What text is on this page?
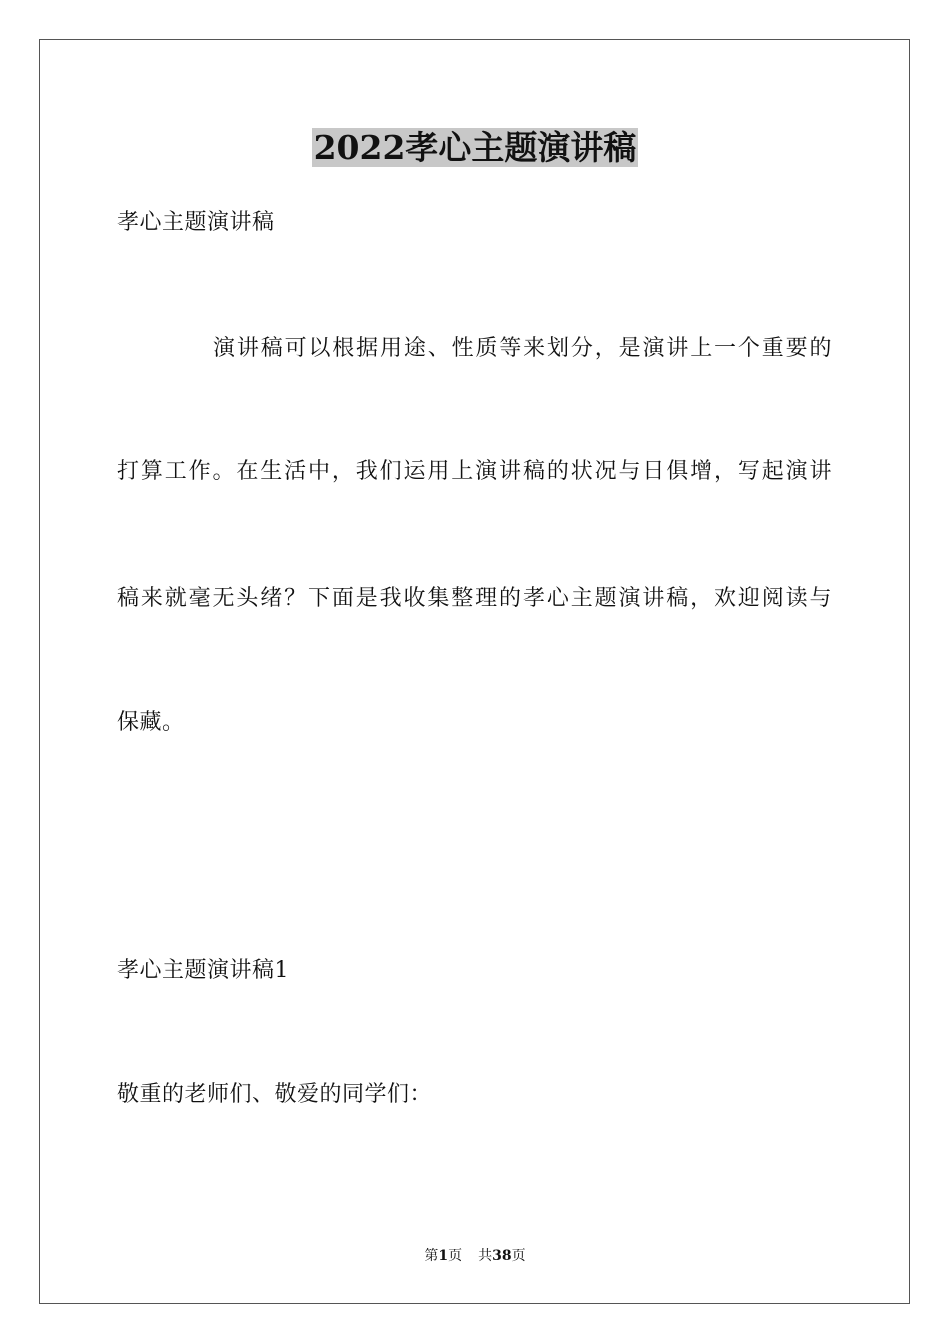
2022孝心主题演讲稿
孝心主题演讲稿
演讲稿可以根据用途、性质等来划分，是演讲上一个重要的
打算工作。在生活中，我们运用上演讲稿的状况与日俱增，写起演讲
稿来就毫无头绪？下面是我收集整理的孝心主题演讲稿，欢迎阅读与
保藏。
孝心主题演讲稿1
敬重的老师们、敬爱的同学们：
第1页 共38页
